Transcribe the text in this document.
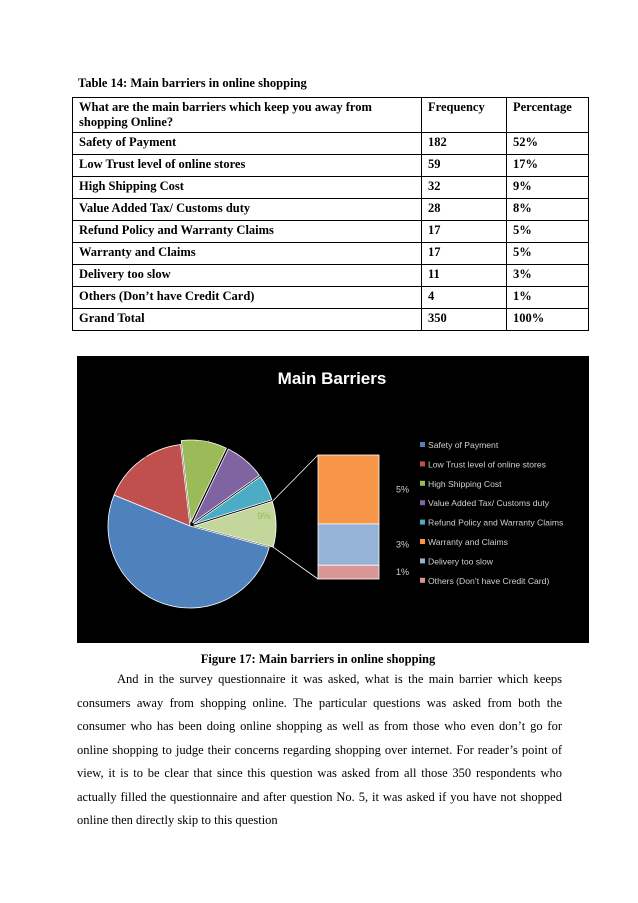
Table 14: Main barriers in online shopping
What are the main barriers which keep you away from shopping Online?	Frequency	Percentage
Safety of Payment	182	52%
Low Trust level of online stores	59	17%
High Shipping Cost	32	9%
Value Added Tax/ Customs duty	28	8%
Refund Policy and Warranty Claims	17	5%
Warranty and Claims	17	5%
Delivery too slow	11	3%
Others (Don’t have Credit Card)	4	1%
Grand Total	350	100%
Main Barriers
52%
17%
9%
8%
5%
9%
5%
3%
1%
Safety of Payment
Low Trust level of online stores
High Shipping Cost
Value Added Tax/ Customs duty
Refund Policy and Warranty Claims
Warranty and Claims
Delivery too slow
Others (Don’t have Credit Card)
Figure 17: Main barriers in online shopping

And in the survey questionnaire it was asked, what is the main barrier which keeps consumers away from shopping online. The particular questions was asked from both the consumer who has been doing online shopping as well as from those who even don’t go for online shopping to judge their concerns regarding shopping over internet. For reader’s point of view, it is to be clear that since this question was asked from all those 350 respondents who actually filled the questionnaire and after question No. 5, it was asked if you have not shopped online then directly skip to this question
